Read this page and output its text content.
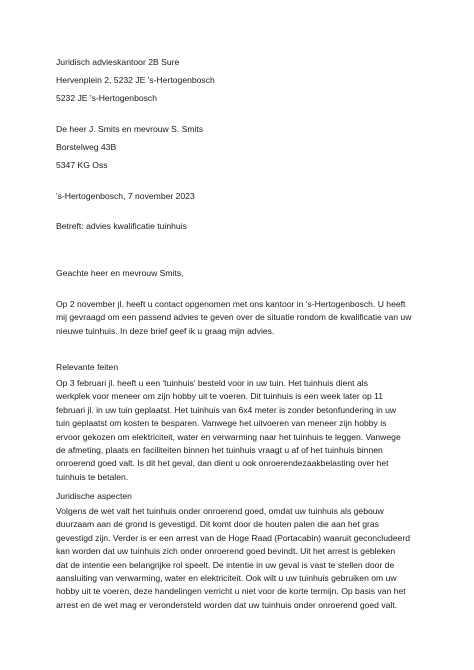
Juridisch advieskantoor 2B Sure
Hervenplein 2, 5232 JE 's-Hertogenbosch
5232 JE 's-Hertogenbosch
De heer J. Smits en mevrouw S. Smits
Borstelweg 43B
5347 KG Oss
's-Hertogenbosch, 7 november 2023
Betreft: advies kwalificatie tuinhuis
Geachte heer en mevrouw Smits,
Op 2 november jl. heeft u contact opgenomen met ons kantoor in 's-Hertogenbosch. U heeft
mij gevraagd om een passend advies te geven over de situatie rondom de kwalificatie van uw
nieuwe tuinhuis. In deze brief geef ik u graag mijn advies.
Relevante feiten
Op 3 februari jl. heeft u een 'tuinhuis' besteld voor in uw tuin. Het tuinhuis dient als
werkplek voor meneer om zijn hobby uit te voeren. Dit tuinhuis is een week later op 11
februari jl. in uw tuin geplaatst. Het tuinhuis van 6x4 meter is zonder betonfundering in uw
tuin geplaatst om kosten te besparen. Vanwege het uitvoeren van meneer zijn hobby is
ervoor gekozen om elektriciteit, water en verwarming naar het tuinhuis te leggen. Vanwege
de afmeting, plaats en faciliteiten binnen het tuinhuis vraagt u af of het tuinhuis binnen
onroerend goed valt. Is dit het geval, dan dient u ook onroerendezaakbelasting over het
tuinhuis te betalen.
Juridische aspecten
Volgens de wet valt het tuinhuis onder onroerend goed, omdat uw tuinhuis als gebouw
duurzaam aan de grond is gevestigd. Dit komt door de houten palen die aan het gras
gevestigd zijn. Verder is er een arrest van de Hoge Raad (Portacabin) waaruit geconcludeerd
kan worden dat uw tuinhuis zich onder onroerend goed bevindt. Uit het arrest is gebleken
dat de intentie een belangrijke rol speelt. De intentie in uw geval is vast te stellen door de
aansluiting van verwarming, water en elektriciteit. Ook wilt u uw tuinhuis gebruiken om uw
hobby uit te voeren, deze handelingen verricht u niet voor de korte termijn. Op basis van het
arrest en de wet mag er verondersteld worden dat uw tuinhuis onder onroerend goed valt.
